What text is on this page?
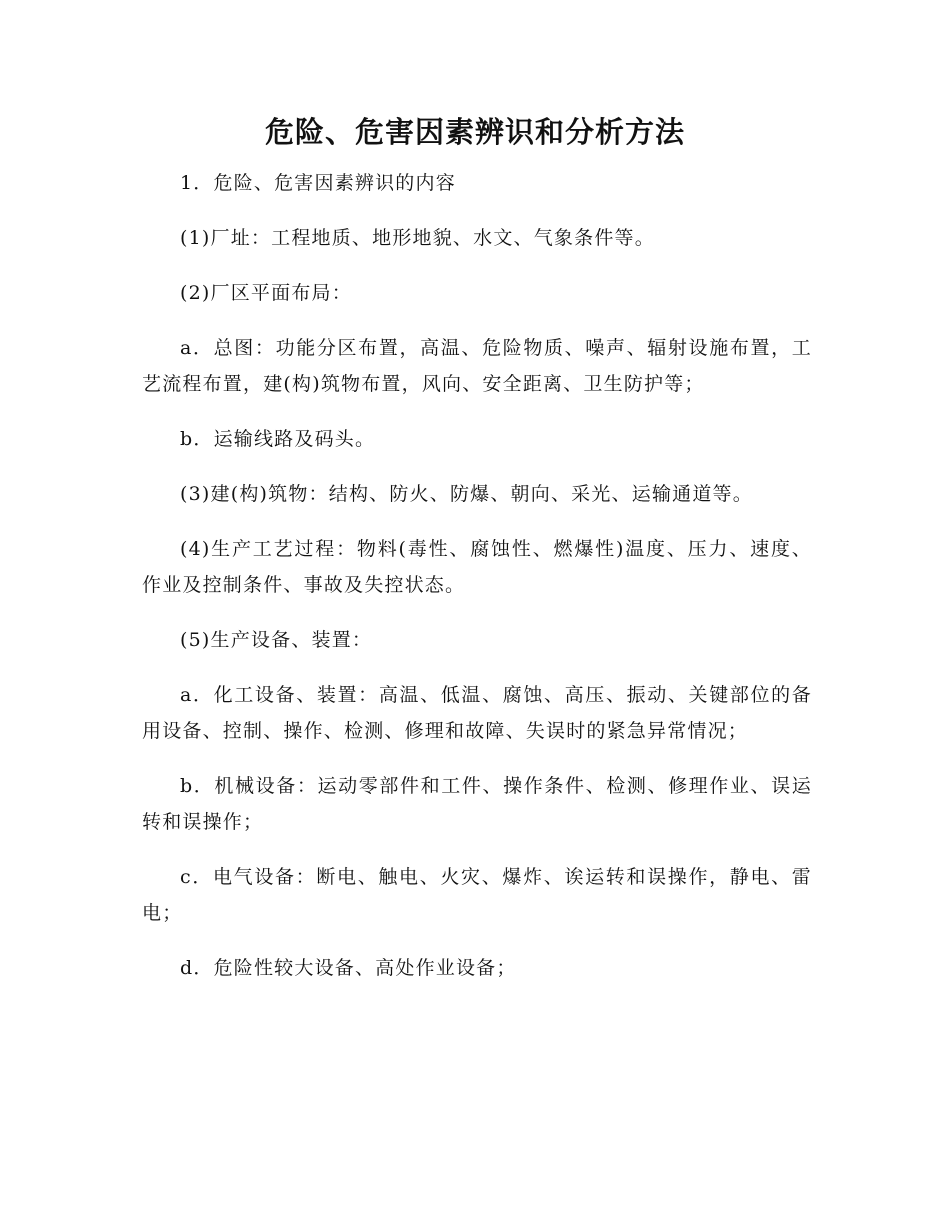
危险、危害因素辨识和分析方法

1．危险、危害因素辨识的内容

(1)厂址：工程地质、地形地貌、水文、气象条件等。

(2)厂区平面布局：

a．总图：功能分区布置，高温、危险物质、噪声、辐射设施布置，工艺流程布置，建(构)筑物布置，风向、安全距离、卫生防护等；

b．运输线路及码头。

(3)建(构)筑物：结构、防火、防爆、朝向、采光、运输通道等。

(4)生产工艺过程：物料(毒性、腐蚀性、燃爆性)温度、压力、速度、作业及控制条件、事故及失控状态。

(5)生产设备、装置：

a．化工设备、装置：高温、低温、腐蚀、高压、振动、关键部位的备用设备、控制、操作、检测、修理和故障、失误时的紧急异常情况；

b．机械设备：运动零部件和工件、操作条件、检测、修理作业、误运转和误操作；

c．电气设备：断电、触电、火灾、爆炸、诶运转和误操作，静电、雷电；

d．危险性较大设备、高处作业设备；
